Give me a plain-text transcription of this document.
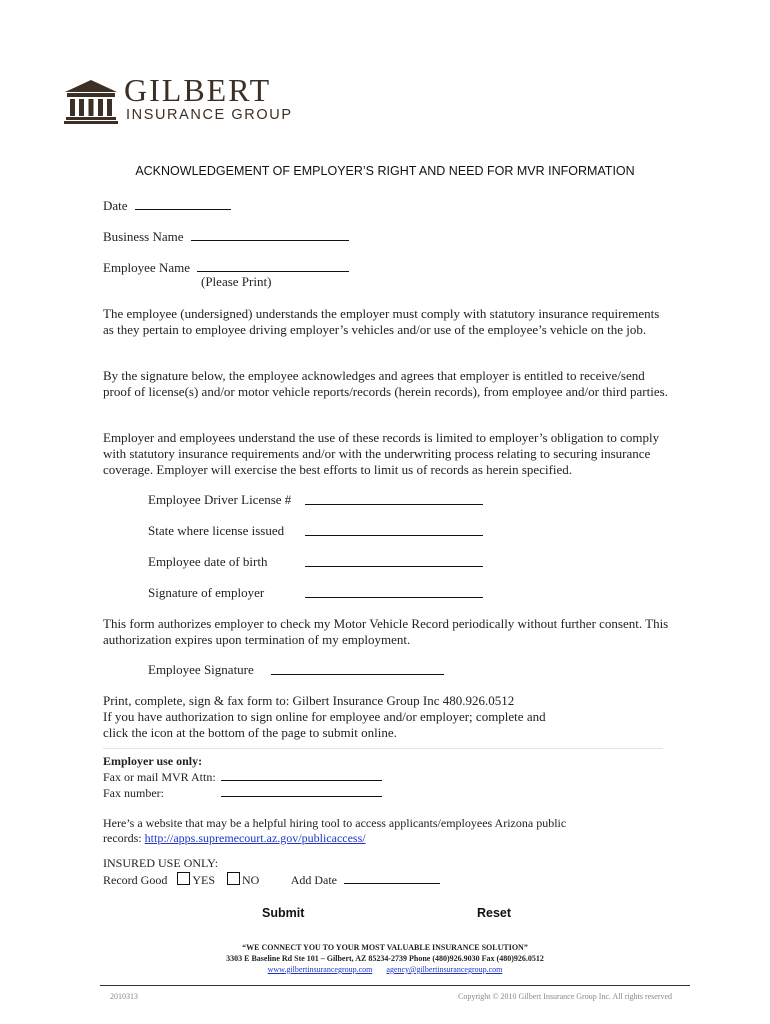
GILBERT
INSURANCE GROUP
ACKNOWLEDGEMENT OF EMPLOYER’S RIGHT AND NEED FOR MVR INFORMATION
Date
Business Name
Employee Name
(Please Print)
The employee (undersigned) understands the employer must comply with statutory insurance requirements as they pertain to employee driving employer’s vehicles and/or use of the employee’s vehicle on the job.
By the signature below, the employee acknowledges and agrees that employer is entitled to receive/send proof of license(s) and/or motor vehicle reports/records (herein records), from employee and/or third parties.
Employer and employees understand the use of these records is limited to employer’s obligation to comply with statutory insurance requirements and/or with the underwriting process relating to securing insurance coverage. Employer will exercise the best efforts to limit us of records as herein specified.
Employee Driver License #
State where license issued
Employee date of birth
Signature of employer
This form authorizes employer to check my Motor Vehicle Record periodically without further consent. This authorization expires upon termination of my employment.
Employee Signature
Print, complete, sign & fax form to: Gilbert Insurance Group Inc 480.926.0512
If you have authorization to sign online for employee and/or employer; complete and
click the icon at the bottom of the page to submit online.
Employer use only:
Fax or mail MVR Attn:
Fax number:
Here’s a website that may be a helpful hiring tool to access applicants/employees Arizona public
records: http://apps.supremecourt.az.gov/publicaccess/
INSURED USE ONLY:
Record Good YES NO	Add Date
Submit	Reset
“WE CONNECT YOU TO YOUR MOST VALUABLE INSURANCE SOLUTION”
3303 E Baseline Rd Ste 101 – Gilbert, AZ 85234-2739 Phone (480)926.9030 Fax (480)926.0512
www.gilbertinsurancegroup.com agency@gilbertinsurancegroup.com
2010313	Copyright © 2010 Gilbert Insurance Group Inc. All rights reserved
